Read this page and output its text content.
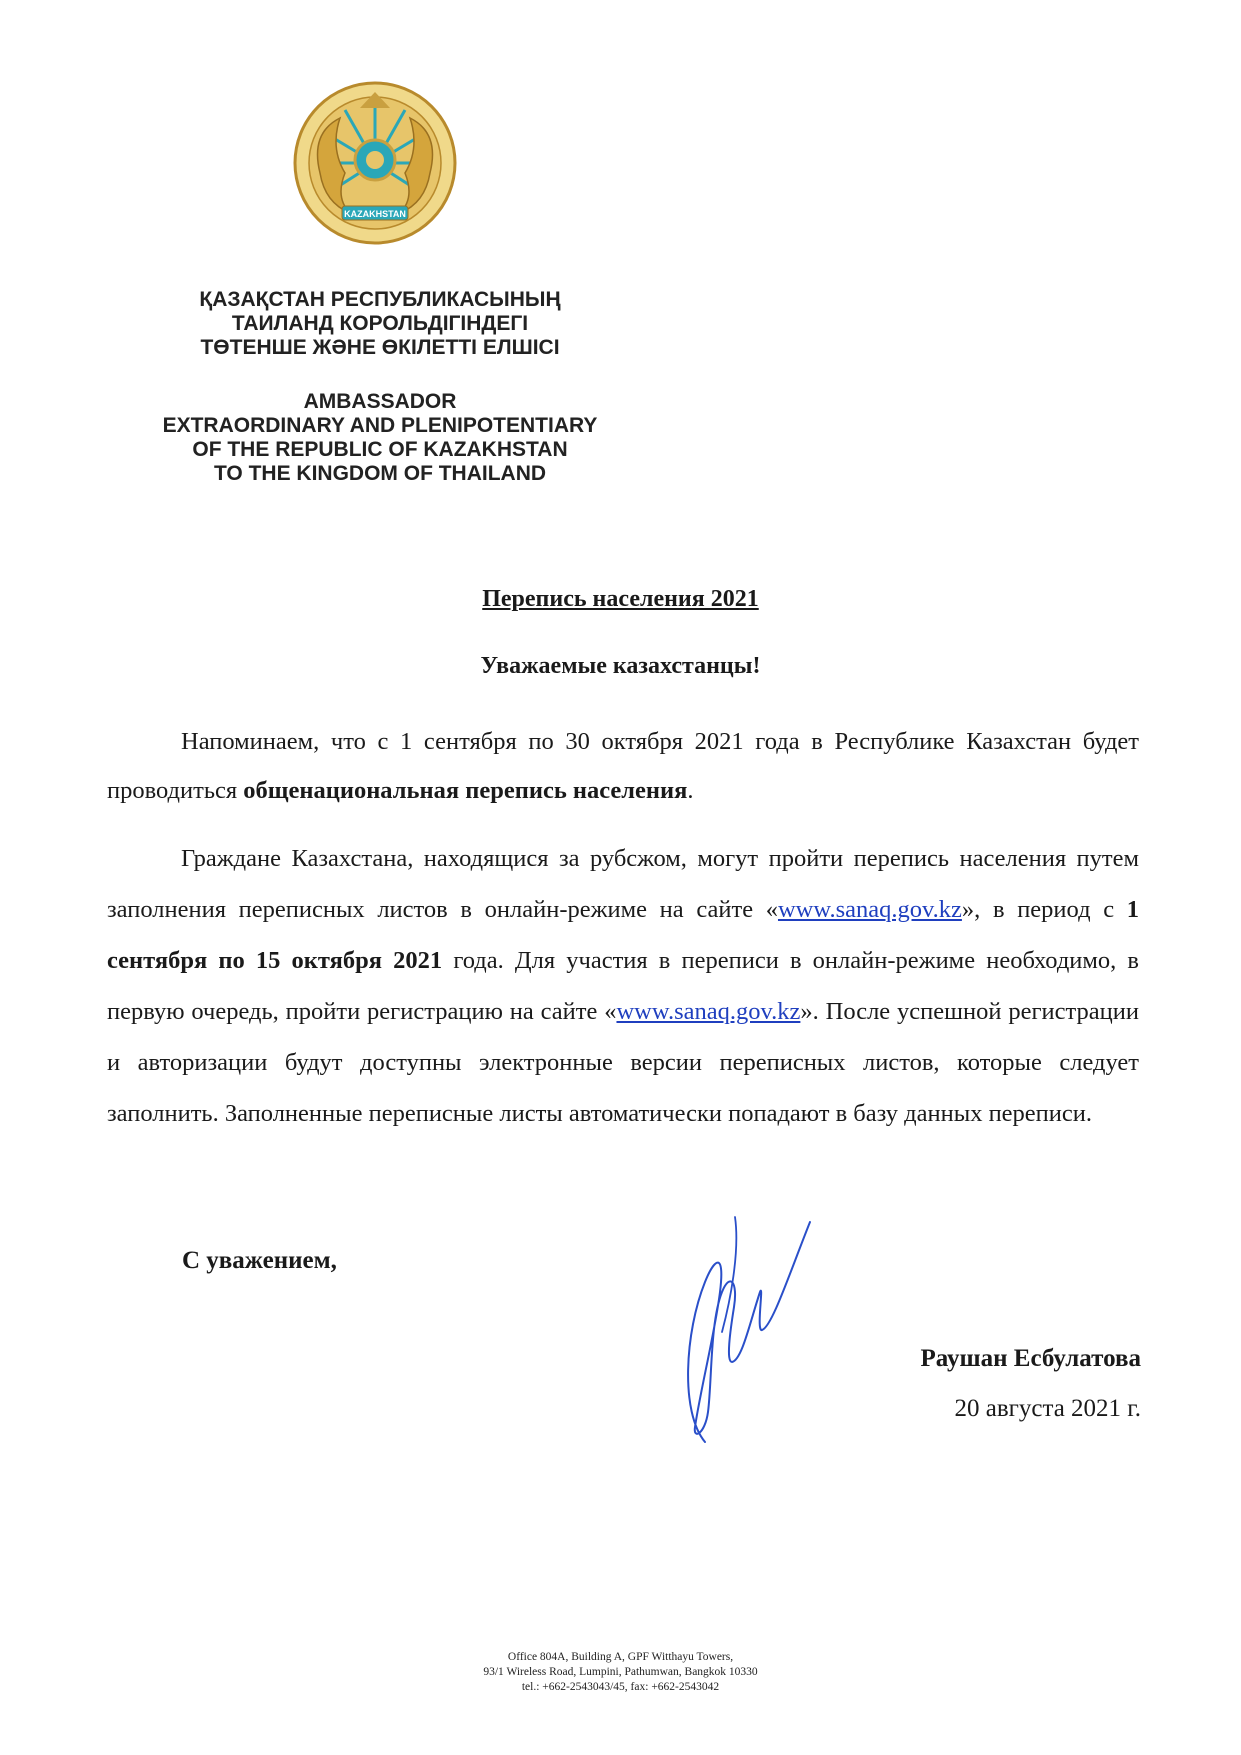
KAZAKHSTAN
ҚАЗАҚСТАН РЕСПУБЛИКАСЫНЫҢ
ТАИЛАНД КОРОЛЬДІГІНДЕГІ
ТӨТЕНШЕ ЖӘНЕ ӨКІЛЕТТІ ЕЛШІСІ
AMBASSADOR
EXTRAORDINARY AND PLENIPOTENTIARY
OF THE REPUBLIC OF KAZAKHSTAN
TO THE KINGDOM OF THAILAND
Перепись населения 2021
Уважаемые казахстанцы!

Напоминаем, что с 1 сентября по 30 октября 2021 года в Республике Казахстан будет проводиться общенациональная перепись населения.

Граждане Казахстана, находящися за рубсжом, могут пройти перепись населения путем заполнения переписных листов в онлайн-режиме на сайте «www.sanaq.gov.kz», в период с 1 сентября по 15 октября 2021 года. Для участия в переписи в онлайн-режиме необходимо, в первую очередь, пройти регистрацию на сайте «www.sanaq.gov.kz». После успешной регистрации и авторизации будут доступны электронные версии переписных листов, которые следует заполнить. Заполненные переписные листы автоматически попадают в базу данных переписи.

С уважением,
Раушан Есбулатова
20 августа 2021 г.
Office 804A, Building A, GPF Witthayu Towers,
93/1 Wireless Road, Lumpini, Pathumwan, Bangkok 10330
tel.: +662-2543043/45, fax: +662-2543042
